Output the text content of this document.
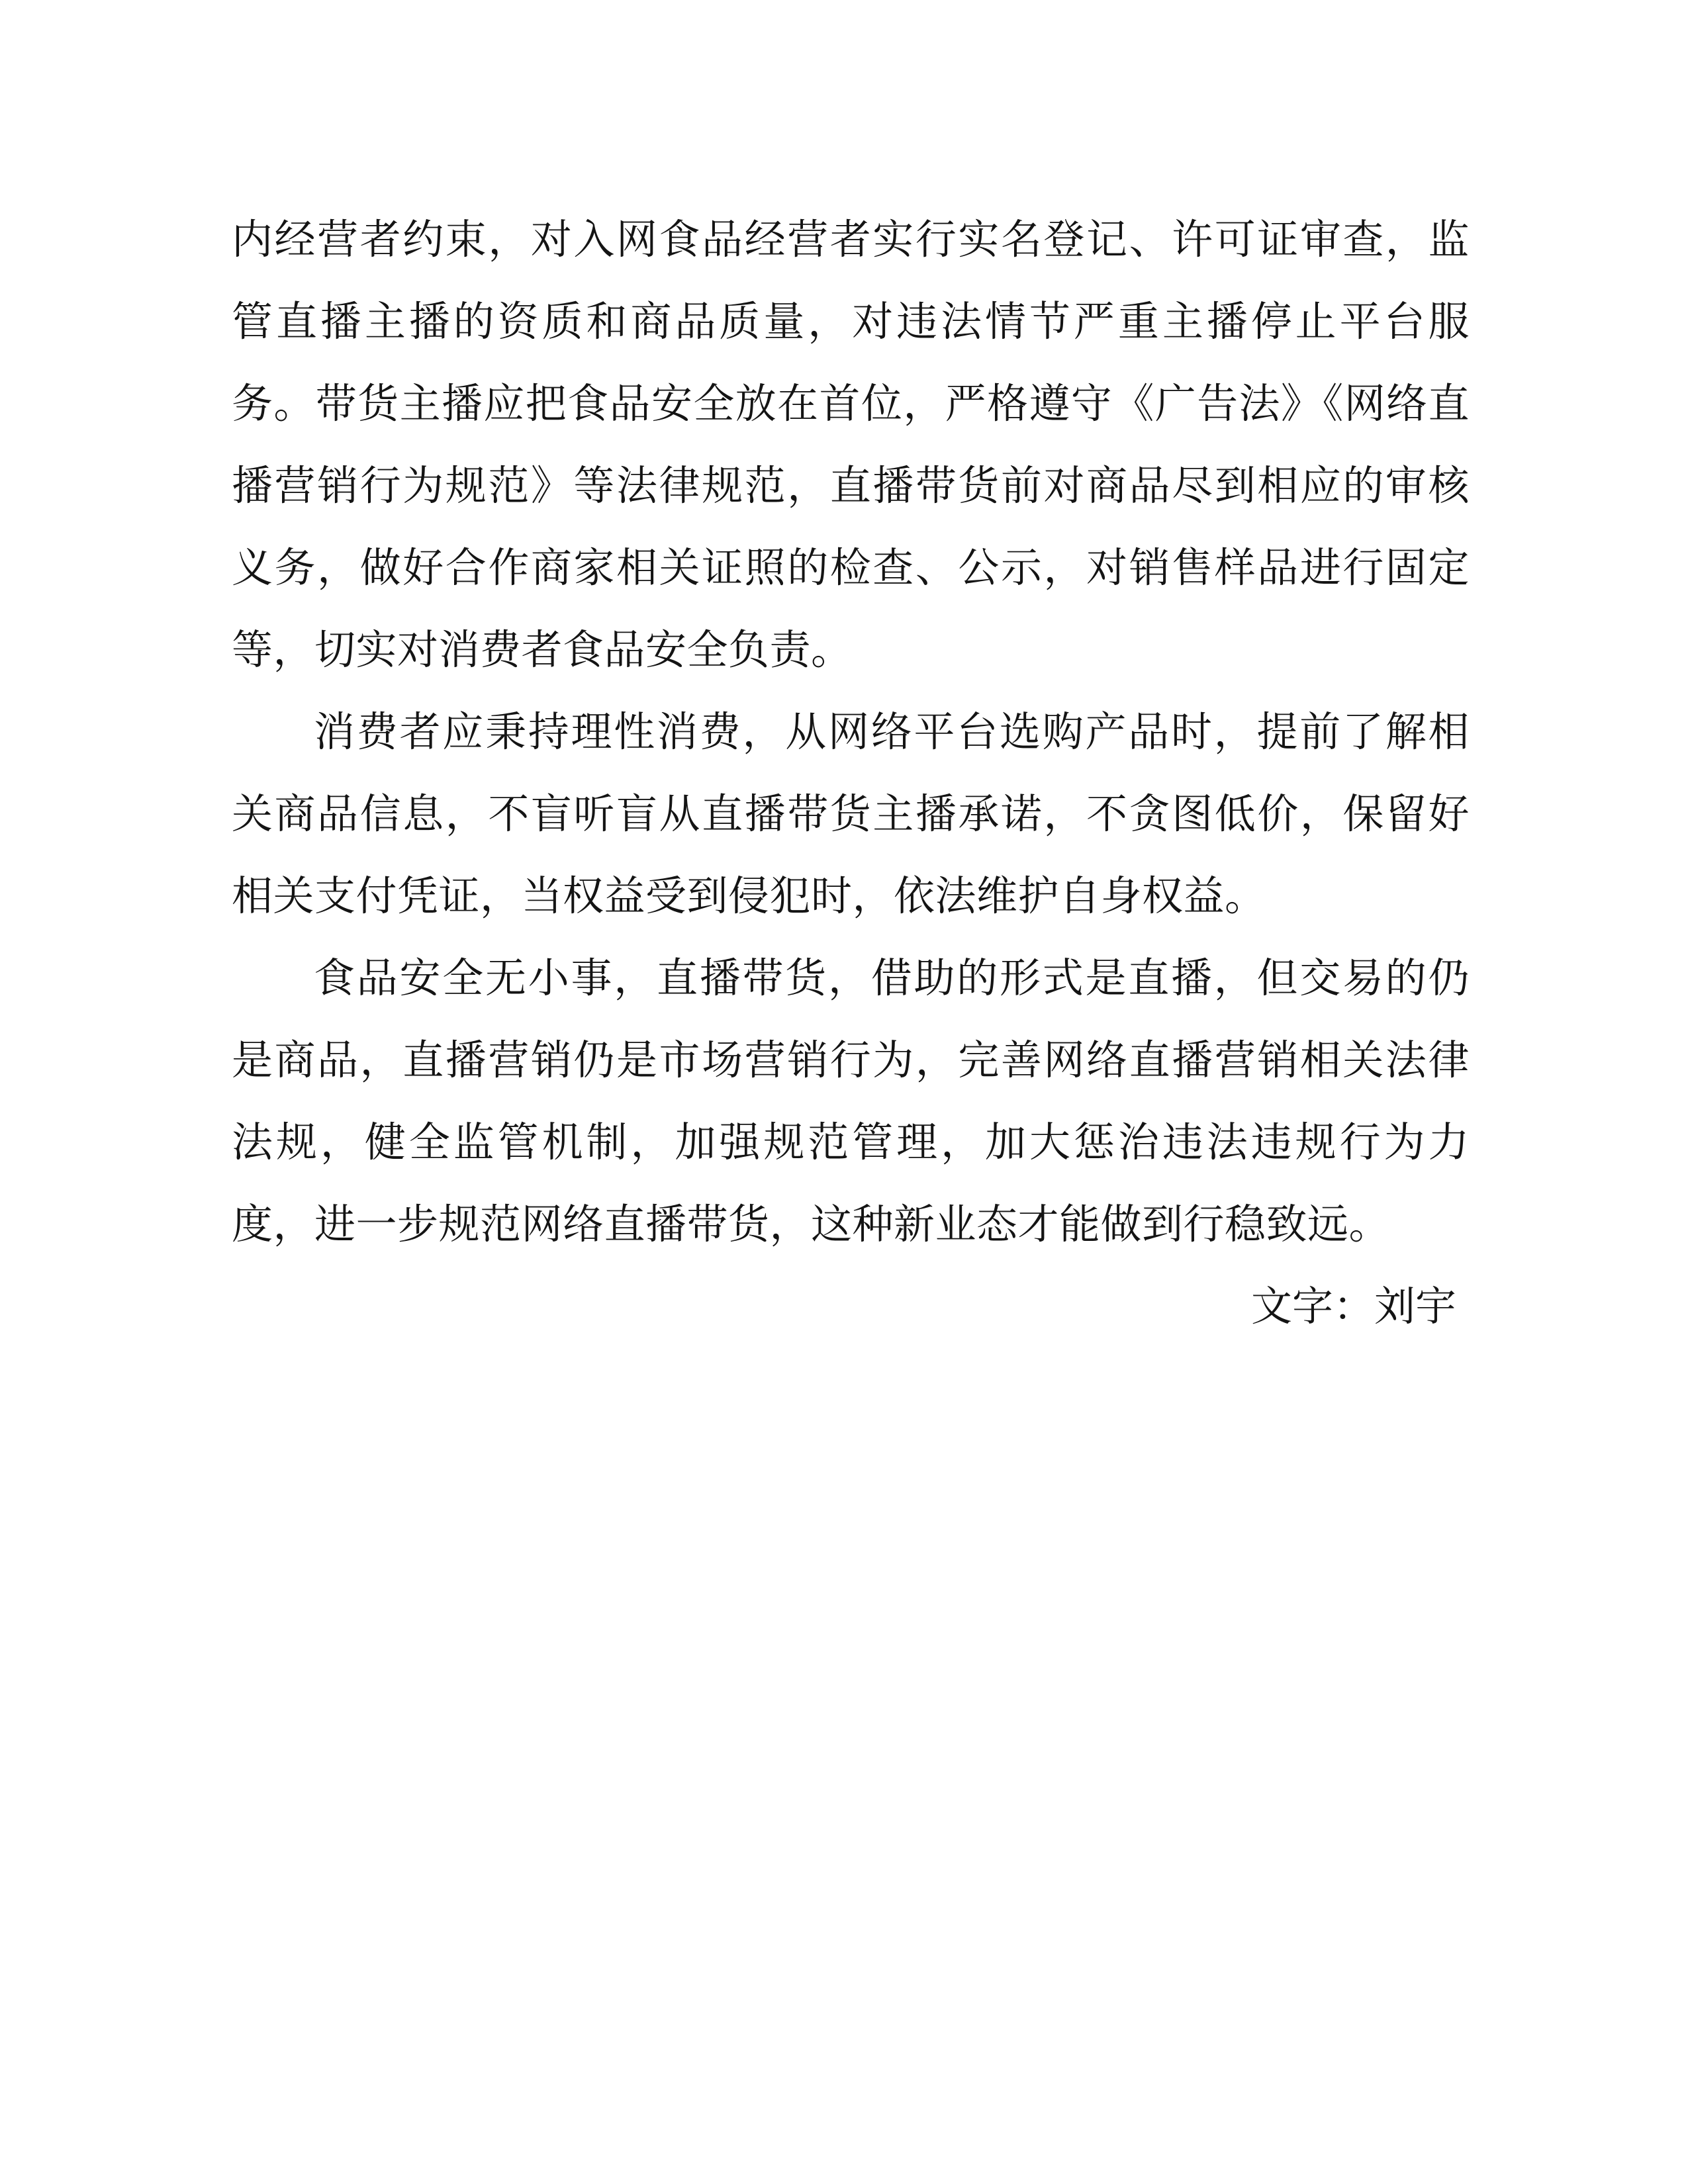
内经营者约束，对入网食品经营者实行实名登记、许可证审查，监管直播主播的资质和商品质量，对违法情节严重主播停止平台服务。带货主播应把食品安全放在首位，严格遵守《广告法》《网络直播营销行为规范》等法律规范，直播带货前对商品尽到相应的审核义务，做好合作商家相关证照的检查、公示，对销售样品进行固定等，切实对消费者食品安全负责。

消费者应秉持理性消费，从网络平台选购产品时，提前了解相关商品信息，不盲听盲从直播带货主播承诺，不贪图低价，保留好相关支付凭证，当权益受到侵犯时，依法维护自身权益。

食品安全无小事，直播带货，借助的形式是直播，但交易的仍是商品，直播营销仍是市场营销行为，完善网络直播营销相关法律法规，健全监管机制，加强规范管理，加大惩治违法违规行为力度，进一步规范网络直播带货，这种新业态才能做到行稳致远。

文字：刘宇
